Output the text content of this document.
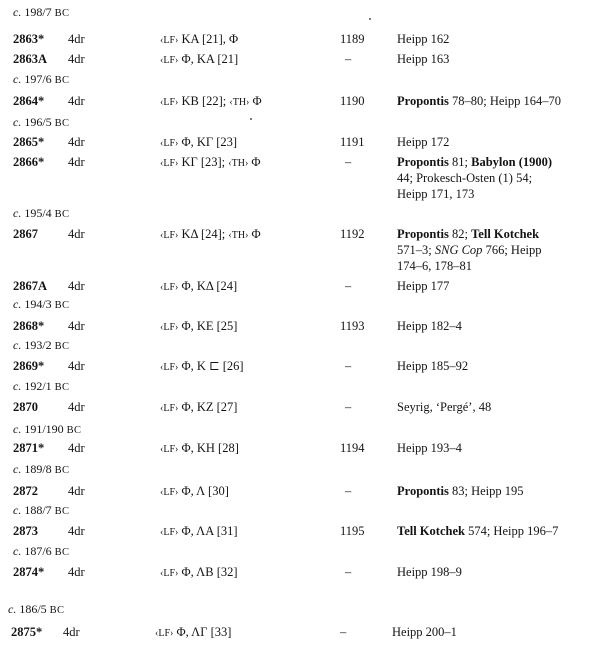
c. 198/7 BC
2863* 4dr	‹LF› KA [21], Φ	1189	Heipp 162
2863A 4dr	‹LF› Φ, KA [21]	–	Heipp 163
c. 197/6 BC
2864* 4dr	‹LF› KB [22]; ‹TH› Φ	1190	Propontis 78–80; Heipp 164–70
c. 196/5 BC
2865* 4dr	‹LF› Φ, KΓ [23]	1191	Heipp 172
2866* 4dr	‹LF› KΓ [23]; ‹TH› Φ	–	Propontis 81; Babylon (1900)
44; Prokesch-Osten (1) 54;
Heipp 171, 173
c. 195/4 BC
2867 4dr	‹LF› KΔ [24]; ‹TH› Φ	1192	Propontis 82; Tell Kotchek
571–3; SNG Cop 766; Heipp
174–6, 178–81
2867A 4dr	‹LF› Φ, KΔ [24]	–	Heipp 177
c. 194/3 BC
2868* 4dr	‹LF› Φ, KE [25]	1193	Heipp 182–4
c. 193/2 BC
2869* 4dr	‹LF› Φ, K ⊏ [26]	–	Heipp 185–92
c. 192/1 BC
2870 4dr	‹LF› Φ, KZ [27]	–	Seyrig, ‘Pergé’, 48
c. 191/190 BC
2871* 4dr	‹LF› Φ, KH [28]	1194	Heipp 193–4
c. 189/8 BC
2872 4dr	‹LF› Φ, Λ [30]	–	Propontis 83; Heipp 195
c. 188/7 BC
2873 4dr	‹LF› Φ, ΛA [31]	1195	Tell Kotchek 574; Heipp 196–7
c. 187/6 BC
2874* 4dr	‹LF› Φ, ΛB [32]	–	Heipp 198–9
c. 186/5 BC
2875* 4dr	‹LF› Φ, ΛΓ [33]	–	Heipp 200–1
